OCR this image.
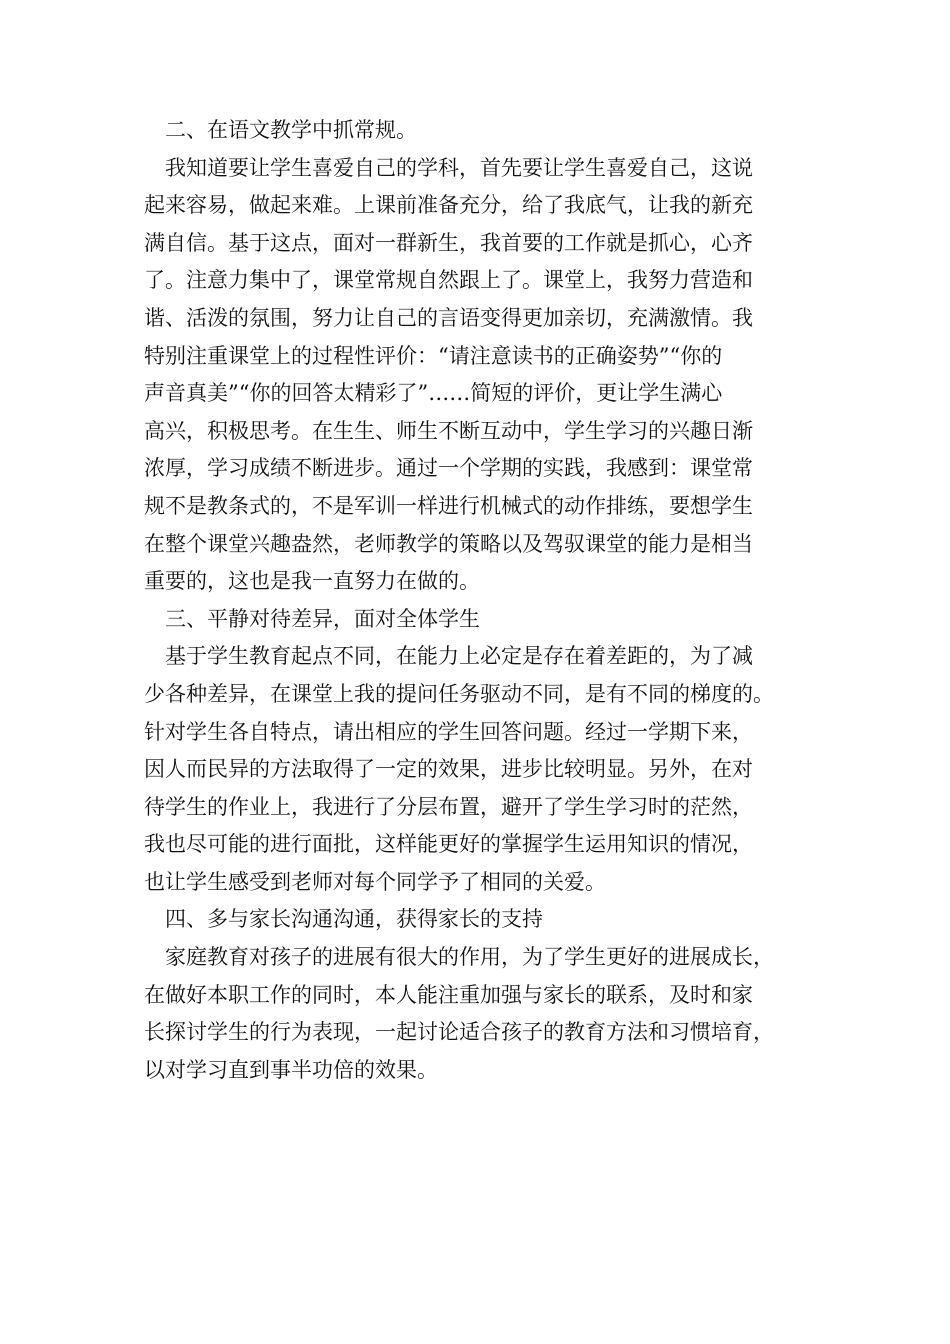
二、在语文教学中抓常规。
我知道要让学生喜爱自己的学科，首先要让学生喜爱自己，这说
起来容易，做起来难。上课前准备充分，给了我底气，让我的新充
满自信。基于这点，面对一群新生，我首要的工作就是抓心，心齐
了。注意力集中了，课堂常规自然跟上了。课堂上，我努力营造和
谐、活泼的氛围，努力让自己的言语变得更加亲切，充满激情。我
特别注重课堂上的过程性评价：“请注意读书的正确姿势”“你的
声音真美”“你的回答太精彩了”……简短的评价，更让学生满心
高兴，积极思考。在生生、师生不断互动中，学生学习的兴趣日渐
浓厚，学习成绩不断进步。通过一个学期的实践，我感到：课堂常
规不是教条式的，不是军训一样进行机械式的动作排练，要想学生
在整个课堂兴趣盎然，老师教学的策略以及驾驭课堂的能力是相当
重要的，这也是我一直努力在做的。
三、平静对待差异，面对全体学生
基于学生教育起点不同，在能力上必定是存在着差距的，为了减
少各种差异，在课堂上我的提问任务驱动不同，是有不同的梯度的。
针对学生各自特点，请出相应的学生回答问题。经过一学期下来，
因人而民异的方法取得了一定的效果，进步比较明显。另外，在对
待学生的作业上，我进行了分层布置，避开了学生学习时的茫然，
我也尽可能的进行面批，这样能更好的掌握学生运用知识的情况，
也让学生感受到老师对每个同学予了相同的关爱。
四、多与家长沟通沟通，获得家长的支持
家庭教育对孩子的进展有很大的作用，为了学生更好的进展成长，
在做好本职工作的同时，本人能注重加强与家长的联系，及时和家
长探讨学生的行为表现，一起讨论适合孩子的教育方法和习惯培育，
以对学习直到事半功倍的效果。
